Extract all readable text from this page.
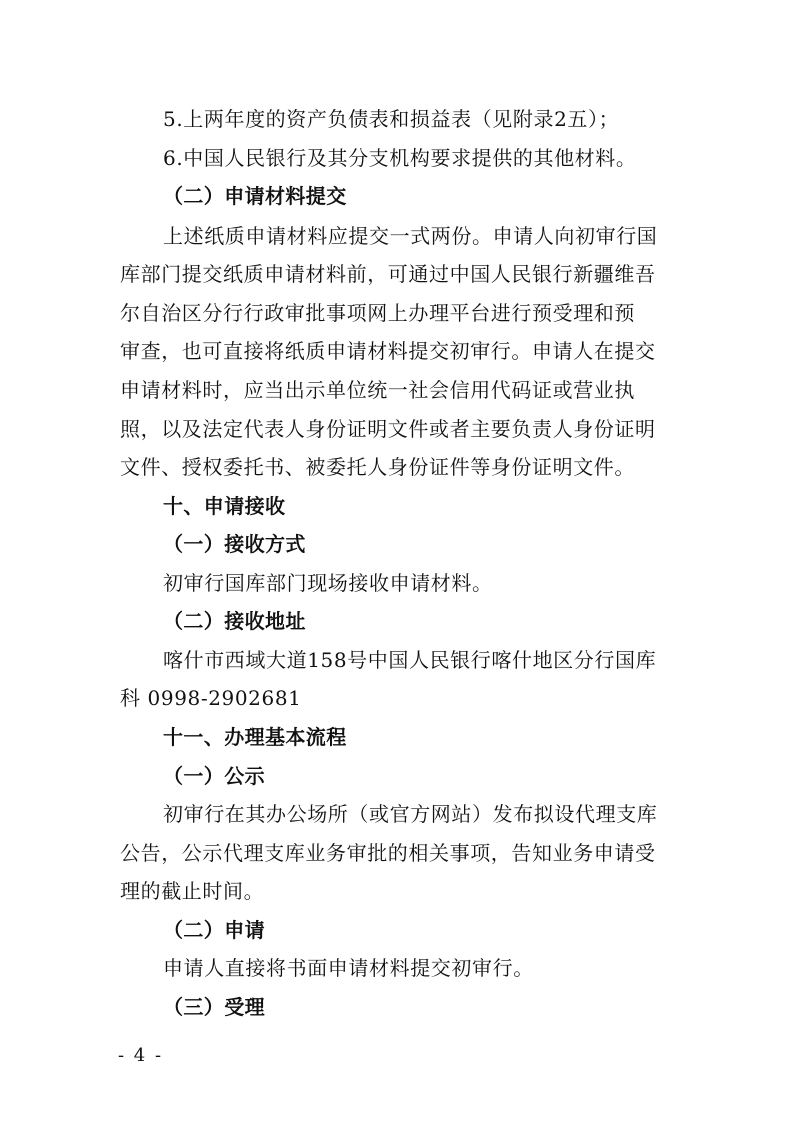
5.上两年度的资产负债表和损益表（见附录2五）；
6.中国人民银行及其分支机构要求提供的其他材料。
（二）申请材料提交
上述纸质申请材料应提交一式两份。申请人向初审行国
库部门提交纸质申请材料前，可通过中国人民银行新疆维吾
尔自治区分行行政审批事项网上办理平台进行预受理和预
审查，也可直接将纸质申请材料提交初审行。申请人在提交
申请材料时，应当出示单位统一社会信用代码证或营业执
照，以及法定代表人身份证明文件或者主要负责人身份证明
文件、授权委托书、被委托人身份证件等身份证明文件。
十、申请接收
（一）接收方式
初审行国库部门现场接收申请材料。
（二）接收地址
喀什市西域大道158号中国人民银行喀什地区分行国库
科 0998-2902681
十一、办理基本流程
（一）公示
初审行在其办公场所（或官方网站）发布拟设代理支库
公告，公示代理支库业务审批的相关事项，告知业务申请受
理的截止时间。
（二）申请
申请人直接将书面申请材料提交初审行。
（三）受理
- 4 -
